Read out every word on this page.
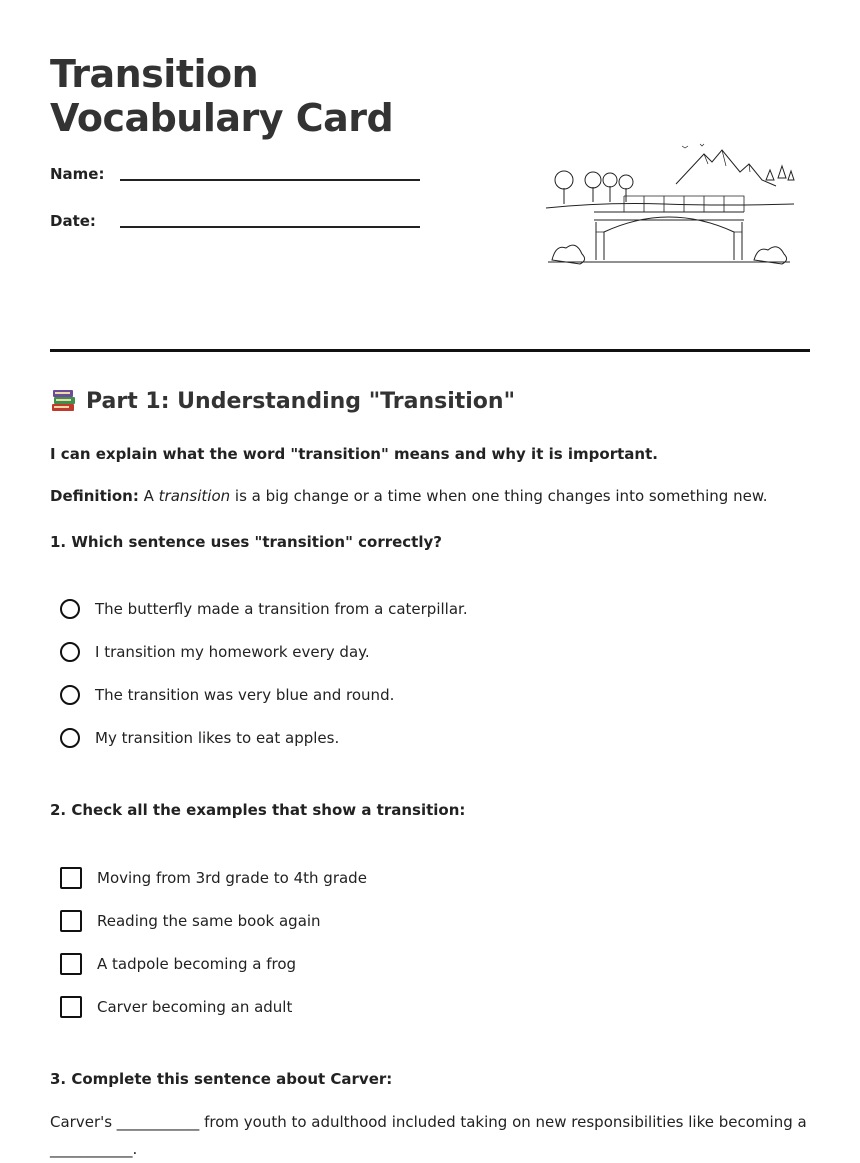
Transition Vocabulary Card
Name:
Date:
Part 1: Understanding "Transition"
I can explain what the word "transition" means and why it is important.
Definition: A transition is a big change or a time when one thing changes into something new.
1. Which sentence uses "transition" correctly?
The butterfly made a transition from a caterpillar.
I transition my homework every day.
The transition was very blue and round.
My transition likes to eat apples.
2. Check all the examples that show a transition:
Moving from 3rd grade to 4th grade
Reading the same book again
A tadpole becoming a frog
Carver becoming an adult
3. Complete this sentence about Carver:
Carver's ___________ from youth to adulthood included taking on new responsibilities like becoming a ___________.
